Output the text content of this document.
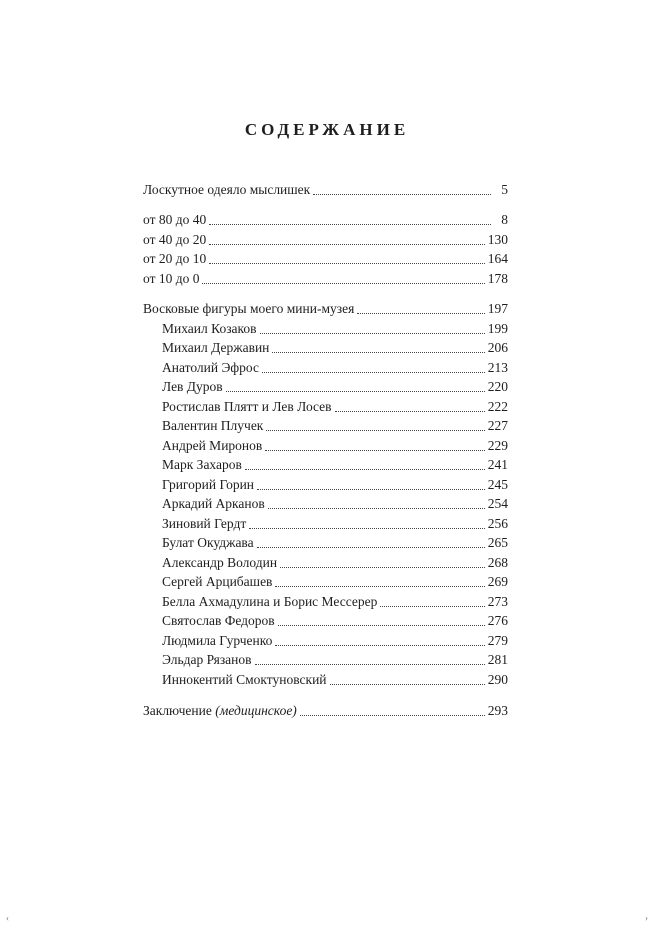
СОДЕРЖАНИЕ
Лоскутное одеяло мыслишек	5
от 80 до 40	8
от 40 до 20	130
от 20 до 10	164
от 10 до 0	178
Восковые фигуры моего мини-музея	197
Михаил Козаков	199
Михаил Державин	206
Анатолий Эфрос	213
Лев Дуров	220
Ростислав Плятт и Лев Лосев	222
Валентин Плучек	227
Андрей Миронов	229
Марк Захаров	241
Григорий Горин	245
Аркадий Арканов	254
Зиновий Гердт	256
Булат Окуджава	265
Александр Володин	268
Сергей Арцибашев	269
Белла Ахмадулина и Борис Мессерер	273
Святослав Федоров	276
Людмила Гурченко	279
Эльдар Рязанов	281
Иннокентий Смоктуновский	290
Заключение (медицинское)	293
‹	›
